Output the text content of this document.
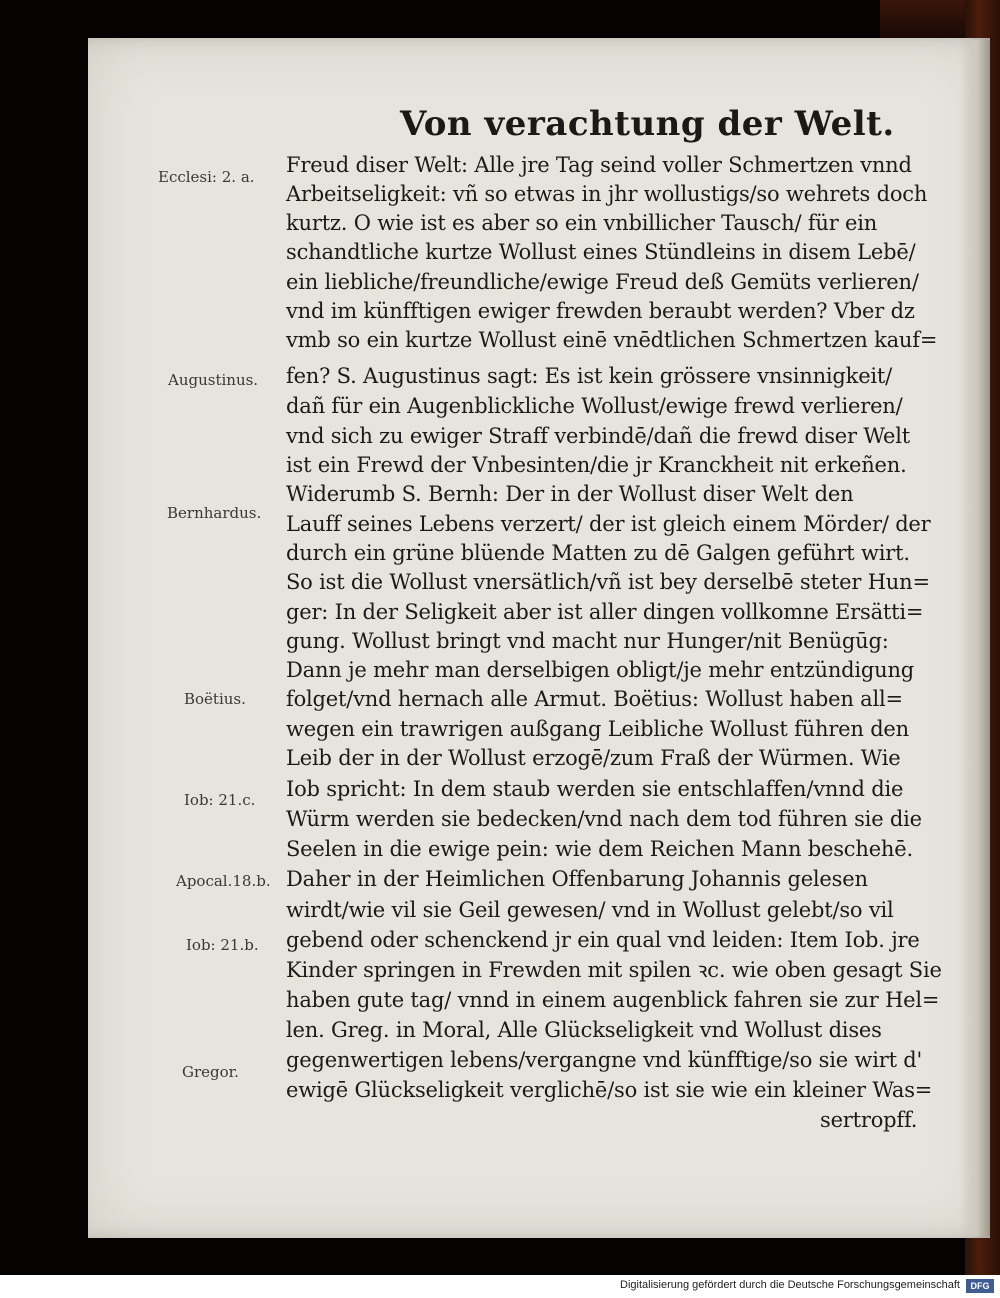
Von verachtung der Welt.
Ecclesi: 2. a.
Augustinus.
Bernhardus.
Boëtius.
Iob: 21.c.
Apocal.18.b.
Iob: 21.b.
Gregor.
Freud diser Welt: Alle jre Tag seind voller Schmertzen vnnd
Arbeitseligkeit: vñ so etwas in jhr wollustigs/so wehrets doch
kurtz. O wie ist es aber so ein vnbillicher Tausch/ für ein
schandtliche kurtze Wollust eines Stündleins in disem Lebē/
ein liebliche/freundliche/ewige Freud deß Gemüts verlieren/
vnd im künfftigen ewiger frewden beraubt werden? Vber dz
vmb so ein kurtze Wollust einē vnēdtlichen Schmertzen kauf=
fen? S. Augustinus sagt: Es ist kein grössere vnsinnigkeit/
dañ für ein Augenblickliche Wollust/ewige frewd verlieren/
vnd sich zu ewiger Straff verbindē/dañ die frewd diser Welt
ist ein Frewd der Vnbesinten/die jr Kranckheit nit erkeñen.
Widerumb S. Bernh: Der in der Wollust diser Welt den
Lauff seines Lebens verzert/ der ist gleich einem Mörder/ der
durch ein grüne blüende Matten zu dē Galgen geführt wirt.
So ist die Wollust vnersätlich/vñ ist bey derselbē steter Hun=
ger: In der Seligkeit aber ist aller dingen vollkomne Ersätti=
gung. Wollust bringt vnd macht nur Hunger/nit Benügūg:
Dann je mehr man derselbigen obligt/je mehr entzündigung
folget/vnd hernach alle Armut. Boëtius: Wollust haben all=
wegen ein trawrigen außgang Leibliche Wollust führen den
Leib der in der Wollust erzogē/zum Fraß der Würmen. Wie
Iob spricht: In dem staub werden sie entschlaffen/vnnd die
Würm werden sie bedecken/vnd nach dem tod führen sie die
Seelen in die ewige pein: wie dem Reichen Mann beschehē.
Daher in der Heimlichen Offenbarung Johannis gelesen
wirdt/wie vil sie Geil gewesen/ vnd in Wollust gelebt/so vil
gebend oder schenckend jr ein qual vnd leiden: Item Iob. jre
Kinder springen in Frewden mit spilen ꝛc. wie oben gesagt Sie
haben gute tag/ vnnd in einem augenblick fahren sie zur Hel=
len. Greg. in Moral, Alle Glückseligkeit vnd Wollust dises
gegenwertigen lebens/vergangne vnd künfftige/so sie wirt d'
ewigē Glückseligkeit verglichē/so ist sie wie ein kleiner Was=
sertropff.
Digitalisierung gefördert durch die Deutsche Forschungsgemeinschaft	DFG
